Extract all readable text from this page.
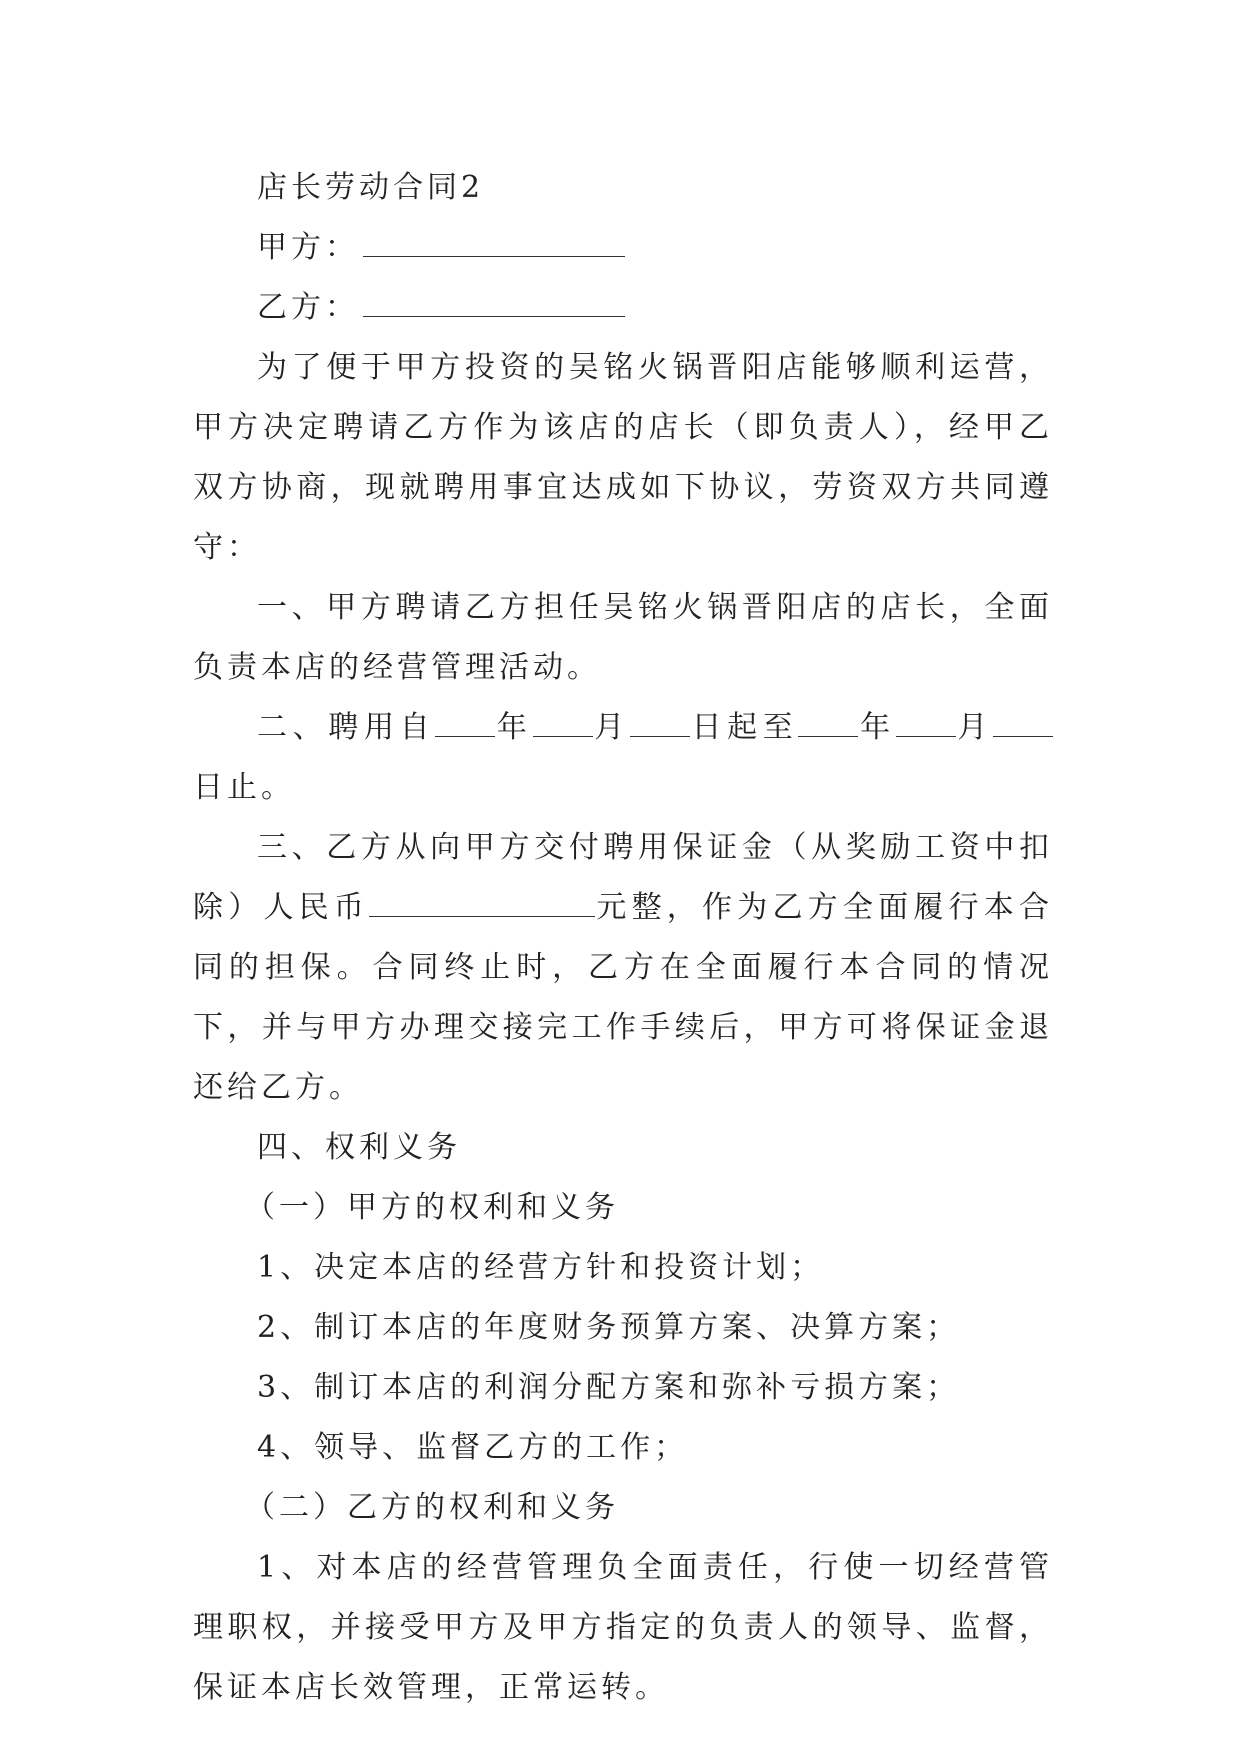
店长劳动合同2

甲方：

乙方：

为了便于甲方投资的吴铭火锅晋阳店能够顺利运营，甲方决定聘请乙方作为该店的店长（即负责人），经甲乙双方协商，现就聘用事宜达成如下协议，劳资双方共同遵守：

一、甲方聘请乙方担任吴铭火锅晋阳店的店长，全面负责本店的经营管理活动。

二、聘用自 年 月 日起至 年 月日止。

三、乙方从向甲方交付聘用保证金（从奖励工资中扣除）人民币	元整，作为乙方全面履行本合同的担保。合同终止时，乙方在全面履行本合同的情况下，并与甲方办理交接完工作手续后，甲方可将保证金退还给乙方。

四、权利义务

（一）甲方的权利和义务

1、决定本店的经营方针和投资计划；

2、制订本店的年度财务预算方案、决算方案；

3、制订本店的利润分配方案和弥补亏损方案；

4、领导、监督乙方的工作；

（二）乙方的权利和义务

1、对本店的经营管理负全面责任，行使一切经营管理职权，并接受甲方及甲方指定的负责人的领导、监督，保证本店长效管理，正常运转。
